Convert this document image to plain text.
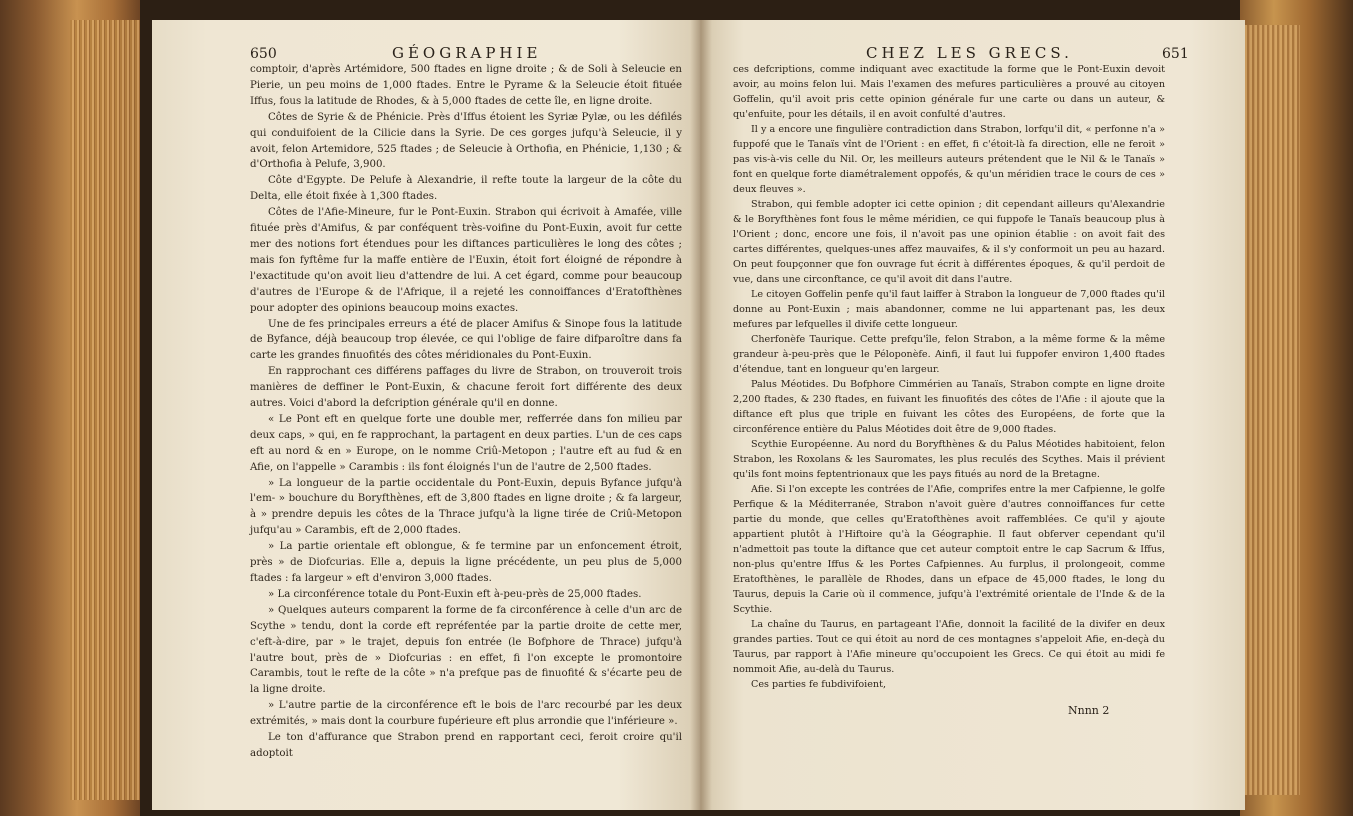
650	GÉOGRAPHIE

comptoir, d'après Artémidore, 500 ftades en ligne droite ; & de Soli à Seleucie en Pierie, un peu moins de 1,000 ftades. Entre le Pyrame & la Seleucie étoit fituée Iffus, fous la latitude de Rhodes, & à 5,000 ftades de cette île, en ligne droite.

Côtes de Syrie & de Phénicie. Près d'Iffus étoient les Syriæ Pylæ, ou les défilés qui conduifoient de la Cilicie dans la Syrie. De ces gorges jufqu'à Seleucie, il y avoit, felon Artemidore, 525 ftades ; de Seleucie à Orthofia, en Phénicie, 1,130 ; & d'Orthofia à Pelufe, 3,900.

Côte d'Egypte. De Pelufe à Alexandrie, il refte toute la largeur de la côte du Delta, elle étoit fixée à 1,300 ftades.

Côtes de l'Afie-Mineure, fur le Pont-Euxin. Strabon qui écrivoit à Amafée, ville fituée près d'Amifus, & par conféquent très-voifine du Pont-Euxin, avoit fur cette mer des notions fort étendues pour les diftances particulières le long des côtes ; mais fon fyftême fur la maffe entière de l'Euxin, étoit fort éloigné de répondre à l'exactitude qu'on avoit lieu d'attendre de lui. A cet égard, comme pour beaucoup d'autres de l'Europe & de l'Afrique, il a rejeté les connoiffances d'Eratofthènes pour adopter des opinions beaucoup moins exactes.

Une de fes principales erreurs a été de placer Amifus & Sinope fous la latitude de Byfance, déjà beaucoup trop élevée, ce qui l'oblige de faire difparoître dans fa carte les grandes finuofités des côtes méridionales du Pont-Euxin.

En rapprochant ces différens paffages du livre de Strabon, on trouveroit trois manières de deffiner le Pont-Euxin, & chacune feroit fort différente des deux autres. Voici d'abord la defcription générale qu'il en donne.

« Le Pont eft en quelque forte une double mer, refferrée dans fon milieu par deux caps, » qui, en fe rapprochant, la partagent en deux parties. L'un de ces caps eft au nord & en » Europe, on le nomme Criû-Metopon ; l'autre eft au fud & en Afie, on l'appelle » Carambis : ils font éloignés l'un de l'autre de 2,500 ftades.

» La longueur de la partie occidentale du Pont-Euxin, depuis Byfance jufqu'à l'em- » bouchure du Boryfthènes, eft de 3,800 ftades en ligne droite ; & fa largeur, à » prendre depuis les côtes de la Thrace jufqu'à la ligne tirée de Criû-Metopon jufqu'au » Carambis, eft de 2,000 ftades.

» La partie orientale eft oblongue, & fe termine par un enfoncement étroit, près » de Diofcurias. Elle a, depuis la ligne précédente, un peu plus de 5,000 ftades : fa largeur » eft d'environ 3,000 ftades.

» La circonférence totale du Pont-Euxin eft à-peu-près de 25,000 ftades.

» Quelques auteurs comparent la forme de fa circonférence à celle d'un arc de Scythe » tendu, dont la corde eft repréfentée par la partie droite de cette mer, c'eft-à-dire, par » le trajet, depuis fon entrée (le Bofphore de Thrace) jufqu'à l'autre bout, près de » Diofcurias : en effet, fi l'on excepte le promontoire Carambis, tout le refte de la côte » n'a prefque pas de finuofité & s'écarte peu de la ligne droite.

» L'autre partie de la circonférence eft le bois de l'arc recourbé par les deux extrémités, » mais dont la courbure fupérieure eft plus arrondie que l'inférieure ».

Le ton d'affurance que Strabon prend en rapportant ceci, feroit croire qu'il adoptoit

CHEZ LES GRECS.	651

ces defcriptions, comme indiquant avec exactitude la forme que le Pont-Euxin devoit avoir, au moins felon lui. Mais l'examen des mefures particulières a prouvé au citoyen Goffelin, qu'il avoit pris cette opinion générale fur une carte ou dans un auteur, & qu'enfuite, pour les détails, il en avoit confulté d'autres.

Il y a encore une fingulière contradiction dans Strabon, lorfqu'il dit, « perfonne n'a » fuppofé que le Tanaïs vînt de l'Orient : en effet, fi c'étoit-là fa direction, elle ne feroit » pas vis-à-vis celle du Nil. Or, les meilleurs auteurs prétendent que le Nil & le Tanaïs » font en quelque forte diamétralement oppofés, & qu'un méridien trace le cours de ces » deux fleuves ».

Strabon, qui femble adopter ici cette opinion ; dit cependant ailleurs qu'Alexandrie & le Boryfthènes font fous le même méridien, ce qui fuppofe le Tanaïs beaucoup plus à l'Orient ; donc, encore une fois, il n'avoit pas une opinion établie : on avoit fait des cartes différentes, quelques-unes affez mauvaifes, & il s'y conformoit un peu au hazard. On peut foupçonner que fon ouvrage fut écrit à différentes époques, & qu'il perdoit de vue, dans une circonftance, ce qu'il avoit dit dans l'autre.

Le citoyen Goffelin penfe qu'il faut laiffer à Strabon la longueur de 7,000 ftades qu'il donne au Pont-Euxin ; mais abandonner, comme ne lui appartenant pas, les deux mefures par lefquelles il divife cette longueur.

Cherfonèfe Taurique. Cette prefqu'île, felon Strabon, a la même forme & la même grandeur à-peu-près que le Péloponèfe. Ainfi, il faut lui fuppofer environ 1,400 ftades d'étendue, tant en longueur qu'en largeur.

Palus Méotides. Du Bofphore Cimmérien au Tanaïs, Strabon compte en ligne droite 2,200 ftades, & 230 ftades, en fuivant les finuofités des côtes de l'Afie : il ajoute que la diftance eft plus que triple en fuivant les côtes des Européens, de forte que la circonférence entière du Palus Méotides doit être de 9,000 ftades.

Scythie Européenne. Au nord du Boryfthènes & du Palus Méotides habitoient, felon Strabon, les Roxolans & les Sauromates, les plus reculés des Scythes. Mais il prévient qu'ils font moins feptentrionaux que les pays fitués au nord de la Bretagne.

Afie. Si l'on excepte les contrées de l'Afie, comprifes entre la mer Cafpienne, le golfe Perfique & la Méditerranée, Strabon n'avoit guère d'autres connoiffances fur cette partie du monde, que celles qu'Eratofthènes avoit raffemblées. Ce qu'il y ajoute appartient plutôt à l'Hiftoire qu'à la Géographie. Il faut obferver cependant qu'il n'admettoit pas toute la diftance que cet auteur comptoit entre le cap Sacrum & Iffus, non-plus qu'entre Iffus & les Portes Cafpiennes. Au furplus, il prolongeoit, comme Eratofthènes, le parallèle de Rhodes, dans un efpace de 45,000 ftades, le long du Taurus, depuis la Carie où il commence, jufqu'à l'extrémité orientale de l'Inde & de la Scythie.

La chaîne du Taurus, en partageant l'Afie, donnoit la facilité de la divifer en deux grandes parties. Tout ce qui étoit au nord de ces montagnes s'appeloit Afie, en-deçà du Taurus, par rapport à l'Afie mineure qu'occupoient les Grecs. Ce qui étoit au midi fe nommoit Afie, au-delà du Taurus.

Ces parties fe fubdivifoient,

Nnnn 2
